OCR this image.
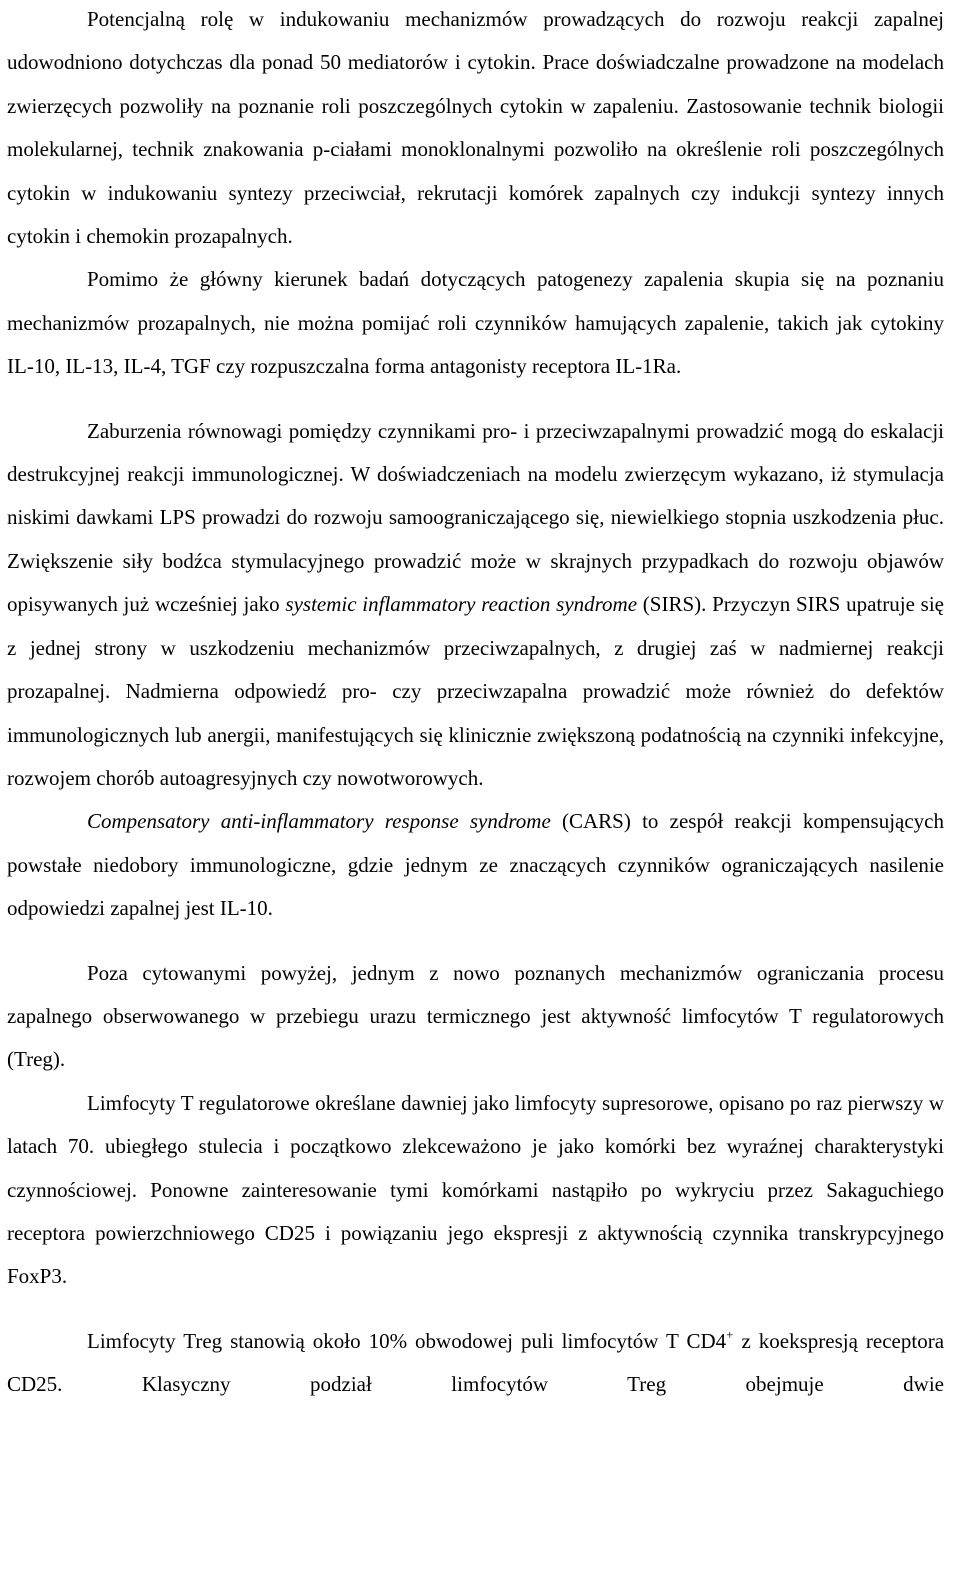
Potencjalną rolę w indukowaniu mechanizmów prowadzących do rozwoju reakcji zapalnej udowodniono dotychczas dla ponad 50 mediatorów i cytokin. Prace doświadczalne prowadzone na modelach zwierzęcych pozwoliły na poznanie roli poszczególnych cytokin w zapaleniu. Zastosowanie technik biologii molekularnej, technik znakowania p-ciałami monoklonalnymi pozwoliło na określenie roli poszczególnych cytokin w indukowaniu syntezy przeciwciał, rekrutacji komórek zapalnych czy indukcji syntezy innych cytokin i chemokin prozapalnych.

Pomimo że główny kierunek badań dotyczących patogenezy zapalenia skupia się na poznaniu mechanizmów prozapalnych, nie można pomijać roli czynników hamujących zapalenie, takich jak cytokiny IL-10, IL-13, IL-4, TGF czy rozpuszczalna forma antagonisty receptora IL-1Ra.

Zaburzenia równowagi pomiędzy czynnikami pro- i przeciwzapalnymi prowadzić mogą do eskalacji destrukcyjnej reakcji immunologicznej. W doświadczeniach na modelu zwierzęcym wykazano, iż stymulacja niskimi dawkami LPS prowadzi do rozwoju samoograniczającego się, niewielkiego stopnia uszkodzenia płuc. Zwiększenie siły bodźca stymulacyjnego prowadzić może w skrajnych przypadkach do rozwoju objawów opisywanych już wcześniej jako systemic inflammatory reaction syndrome (SIRS). Przyczyn SIRS upatruje się z jednej strony w uszkodzeniu mechanizmów przeciwzapalnych, z drugiej zaś w nadmiernej reakcji prozapalnej. Nadmierna odpowiedź pro- czy przeciwzapalna prowadzić może również do defektów immunologicznych lub anergii, manifestujących się klinicznie zwiększoną podatnością na czynniki infekcyjne, rozwojem chorób autoagresyjnych czy nowotworowych.

Compensatory anti-inflammatory response syndrome (CARS) to zespół reakcji kompensujących powstałe niedobory immunologiczne, gdzie jednym ze znaczących czynników ograniczających nasilenie odpowiedzi zapalnej jest IL-10.

Poza cytowanymi powyżej, jednym z nowo poznanych mechanizmów ograniczania procesu zapalnego obserwowanego w przebiegu urazu termicznego jest aktywność limfocytów T regulatorowych (Treg).

Limfocyty T regulatorowe określane dawniej jako limfocyty supresorowe, opisano po raz pierwszy w latach 70. ubiegłego stulecia i początkowo zlekceważono je jako komórki bez wyraźnej charakterystyki czynnościowej. Ponowne zainteresowanie tymi komórkami nastąpiło po wykryciu przez Sakaguchiego receptora powierzchniowego CD25 i powiązaniu jego ekspresji z aktywnością czynnika transkrypcyjnego FoxP3.

Limfocyty Treg stanowią około 10% obwodowej puli limfocytów T CD4+ z koekspresją receptora CD25. Klasyczny podział limfocytów Treg obejmuje dwie
